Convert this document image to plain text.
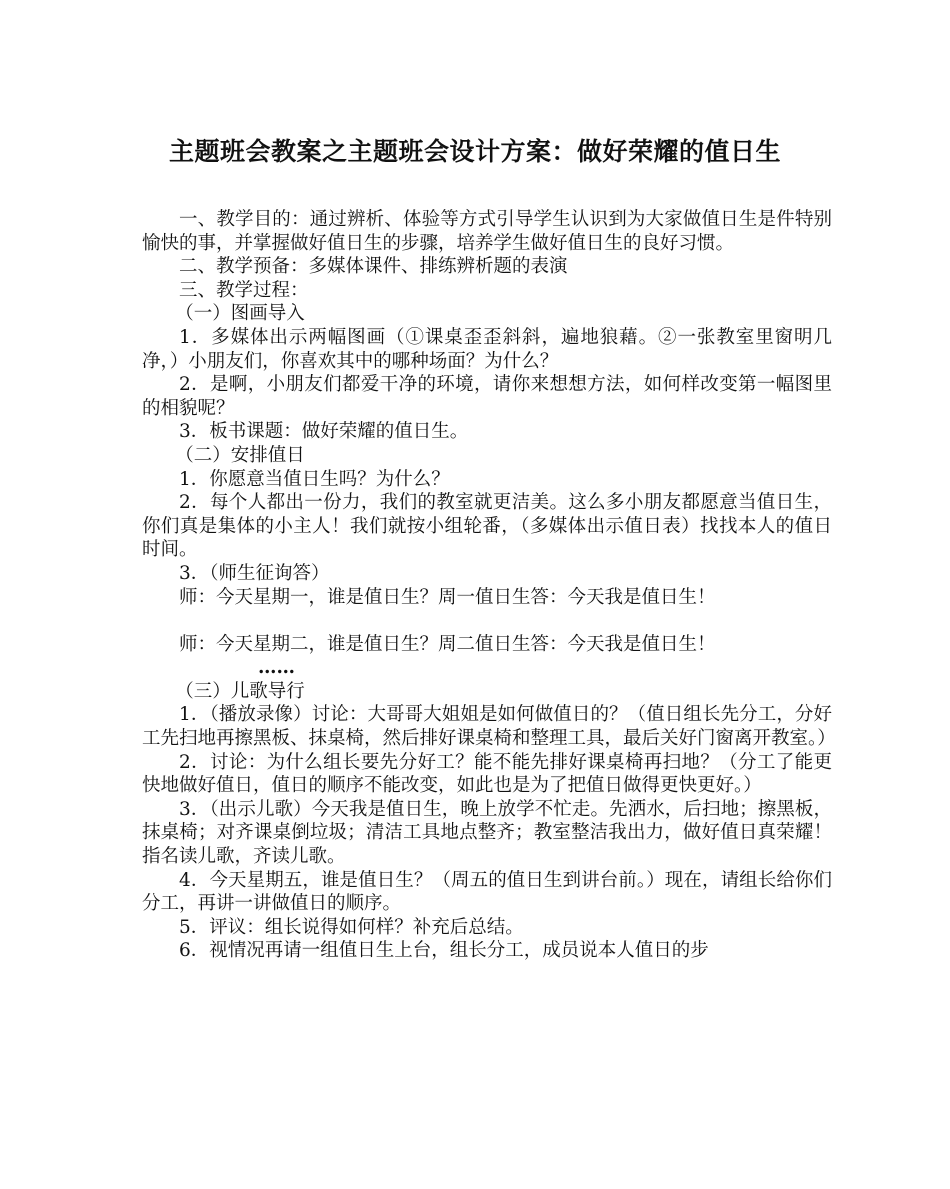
主题班会教案之主题班会设计方案：做好荣耀的值日生

一、教学目的：通过辨析、体验等方式引导学生认识到为大家做值日生是件特别愉快的事，并掌握做好值日生的步骤，培养学生做好值日生的良好习惯。

二、教学预备：多媒体课件、排练辨析题的表演

三、教学过程：

（一）图画导入

1．多媒体出示两幅图画（①课桌歪歪斜斜，遍地狼藉。②一张教室里窗明几净，）小朋友们，你喜欢其中的哪种场面？为什么？

2．是啊，小朋友们都爱干净的环境，请你来想想方法，如何样改变第一幅图里的相貌呢？

3．板书课题：做好荣耀的值日生。

（二）安排值日

1．你愿意当值日生吗？为什么？

2．每个人都出一份力，我们的教室就更洁美。这么多小朋友都愿意当值日生，你们真是集体的小主人！我们就按小组轮番，（多媒体出示值日表）找找本人的值日时间。

3．（师生征询答）

师：今天星期一，谁是值日生？周一值日生答：今天我是值日生！

师：今天星期二，谁是值日生？周二值日生答：今天我是值日生！

……

（三）儿歌导行

1．（播放录像）讨论：大哥哥大姐姐是如何做值日的？（值日组长先分工，分好工先扫地再擦黑板、抹桌椅，然后排好课桌椅和整理工具，最后关好门窗离开教室。）

2．讨论：为什么组长要先分好工？能不能先排好课桌椅再扫地？（分工了能更快地做好值日，值日的顺序不能改变，如此也是为了把值日做得更快更好。）

3．（出示儿歌）今天我是值日生，晚上放学不忙走。先洒水，后扫地；擦黑板，抹桌椅；对齐课桌倒垃圾；清洁工具地点整齐；教室整洁我出力，做好值日真荣耀！指名读儿歌，齐读儿歌。

4．今天星期五，谁是值日生？（周五的值日生到讲台前。）现在，请组长给你们分工，再讲一讲做值日的顺序。

5．评议：组长说得如何样？补充后总结。

6．视情况再请一组值日生上台，组长分工，成员说本人值日的步
